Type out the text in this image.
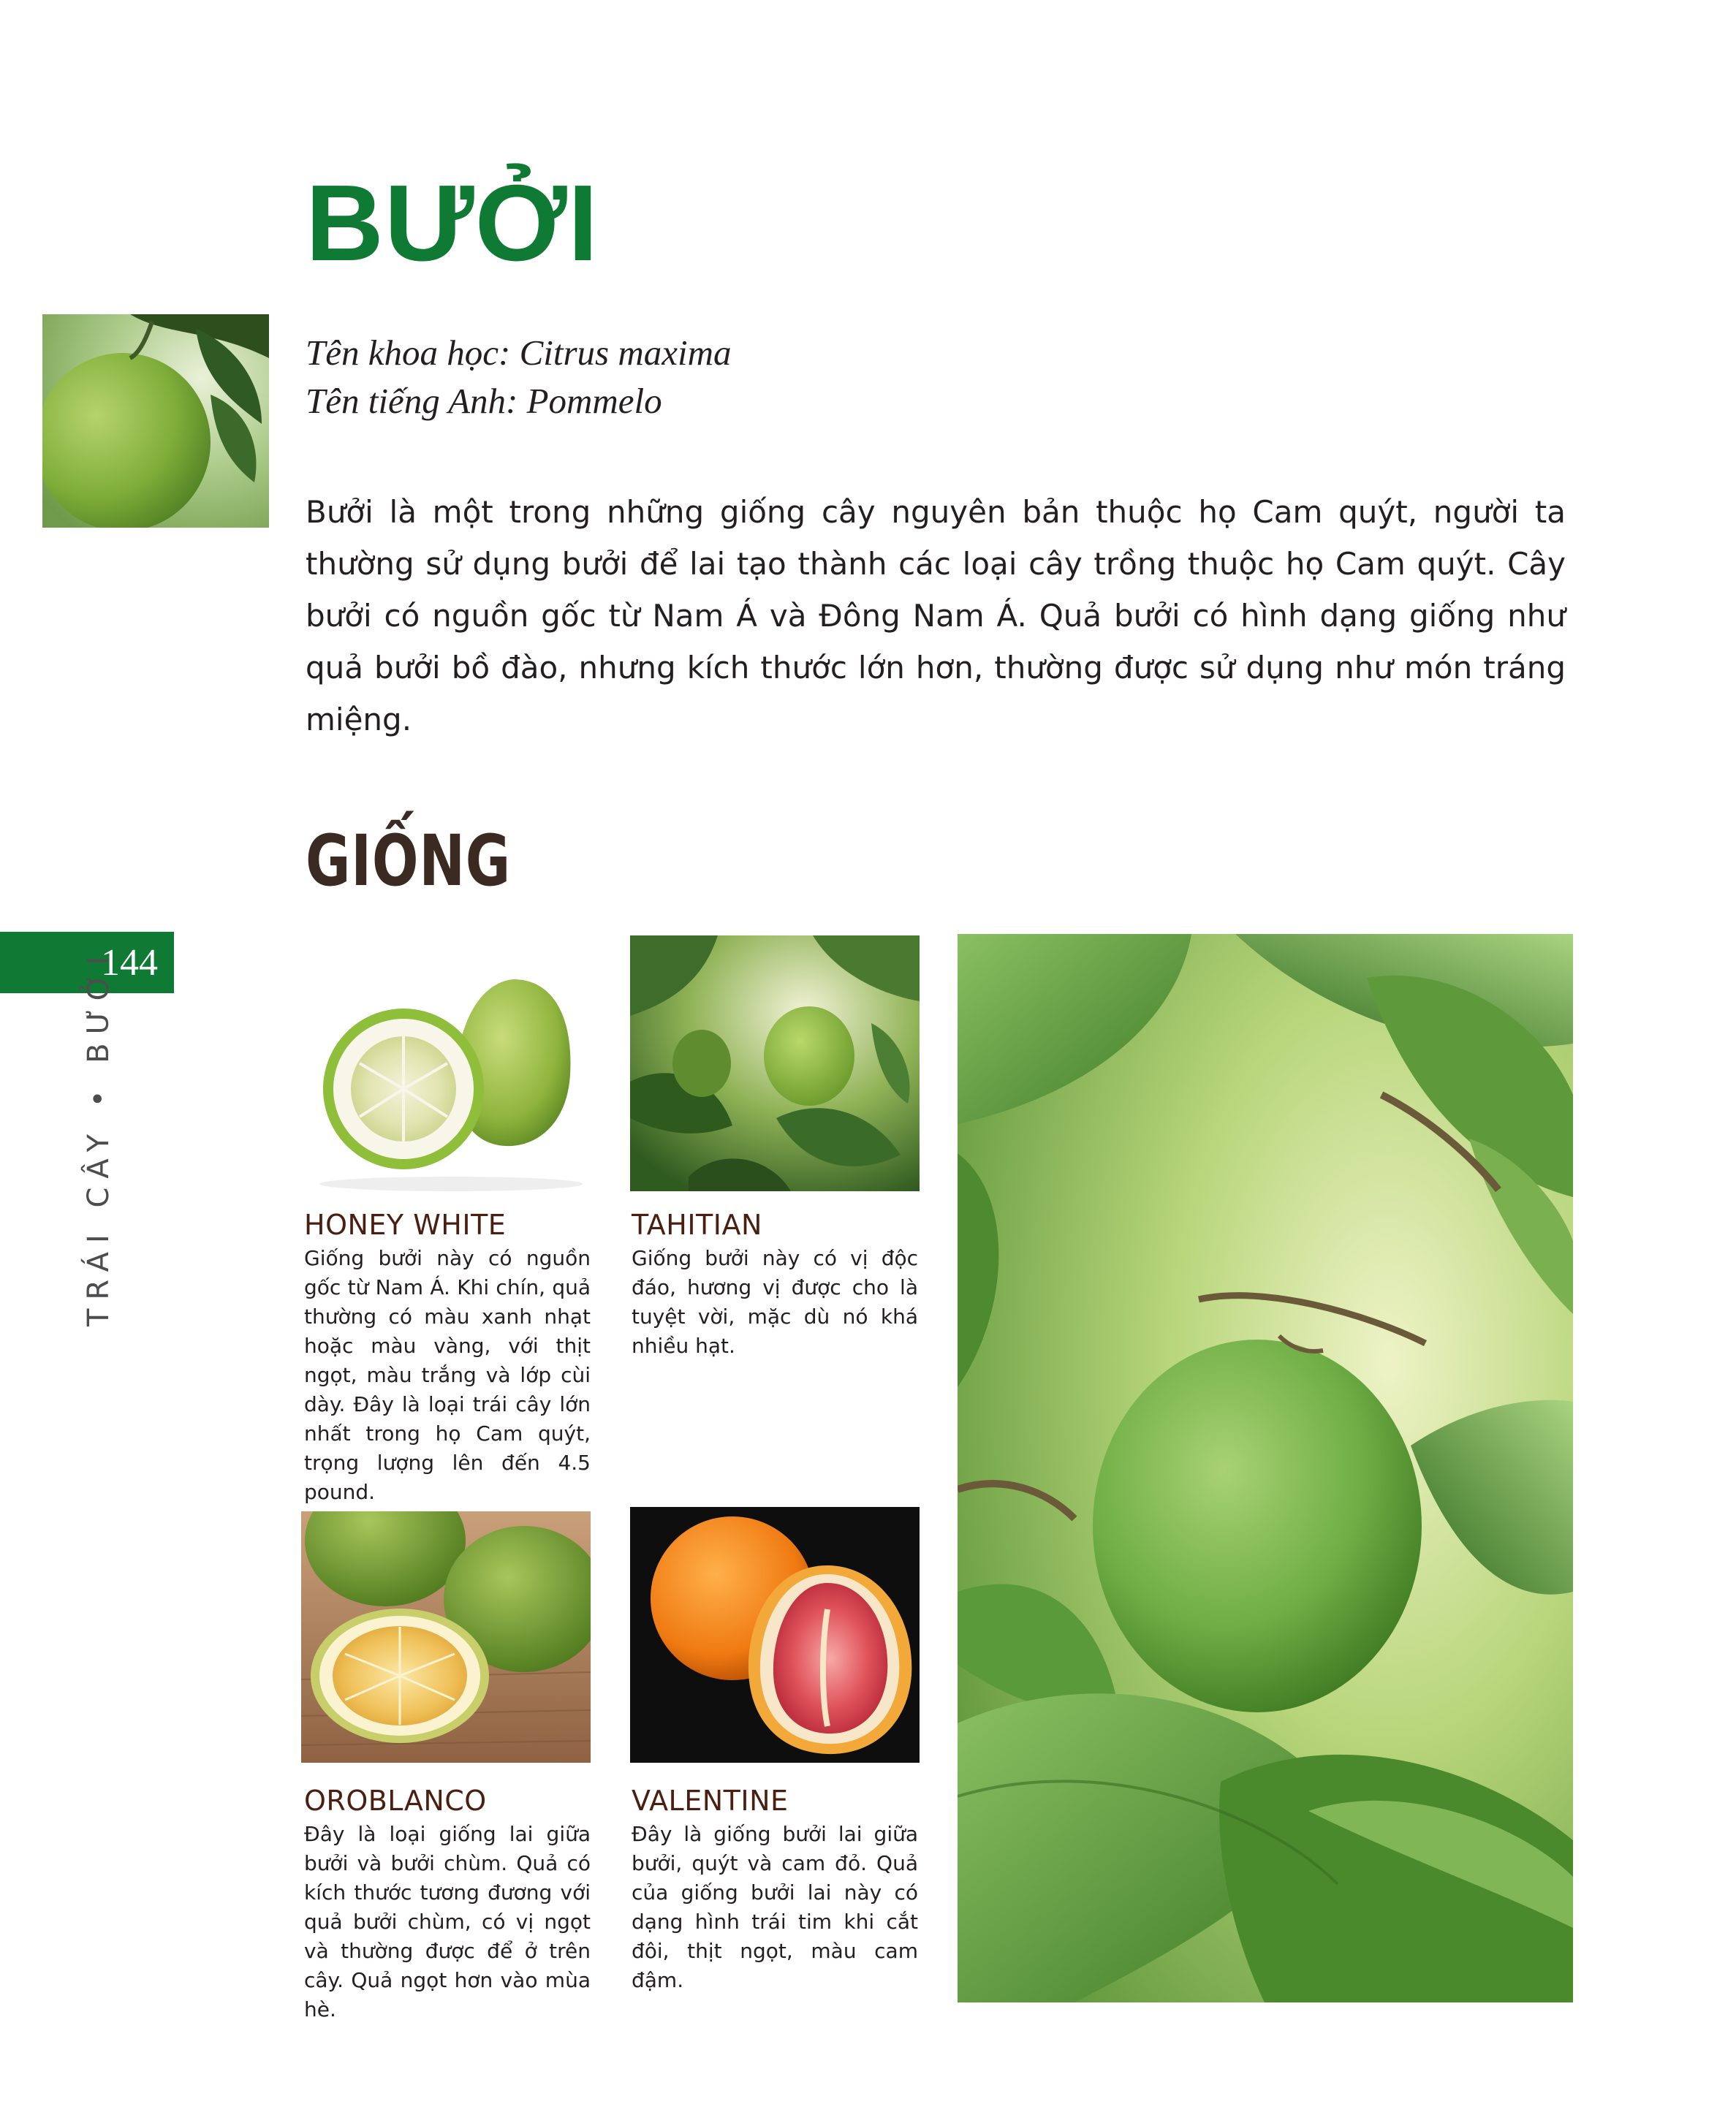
BƯỞI
Tên khoa học: Citrus maxima
Tên tiếng Anh: Pommelo

Bưởi là một trong những giống cây nguyên bản thuộc họ Cam quýt, người ta thường sử dụng bưởi để lai tạo thành các loại cây trồng thuộc họ Cam quýt. Cây bưởi có nguồn gốc từ Nam Á và Đông Nam Á. Quả bưởi có hình dạng giống như quả bưởi bồ đào, nhưng kích thước lớn hơn, thường được sử dụng như món tráng miệng.

GIỐNG
144
TRÁI CÂY • BƯỞI	HONEY WHITE

Giống bưởi này có nguồn gốc từ Nam Á. Khi chín, quả thường có màu xanh nhạt hoặc màu vàng, với thịt ngọt, màu trắng và lớp cùi dày. Đây là loại trái cây lớn nhất trong họ Cam quýt, trọng lượng lên đến 4.5 pound.

TAHITIAN

Giống bưởi này có vị độc đáo, hương vị được cho là tuyệt vời, mặc dù nó khá nhiều hạt.

OROBLANCO

Đây là loại giống lai giữa bưởi và bưởi chùm. Quả có kích thước tương đương với quả bưởi chùm, có vị ngọt và thường được để ở trên cây. Quả ngọt hơn vào mùa hè.

VALENTINE

Đây là giống bưởi lai giữa bưởi, quýt và cam đỏ. Quả của giống bưởi lai này có dạng hình trái tim khi cắt đôi, thịt ngọt, màu cam đậm.
